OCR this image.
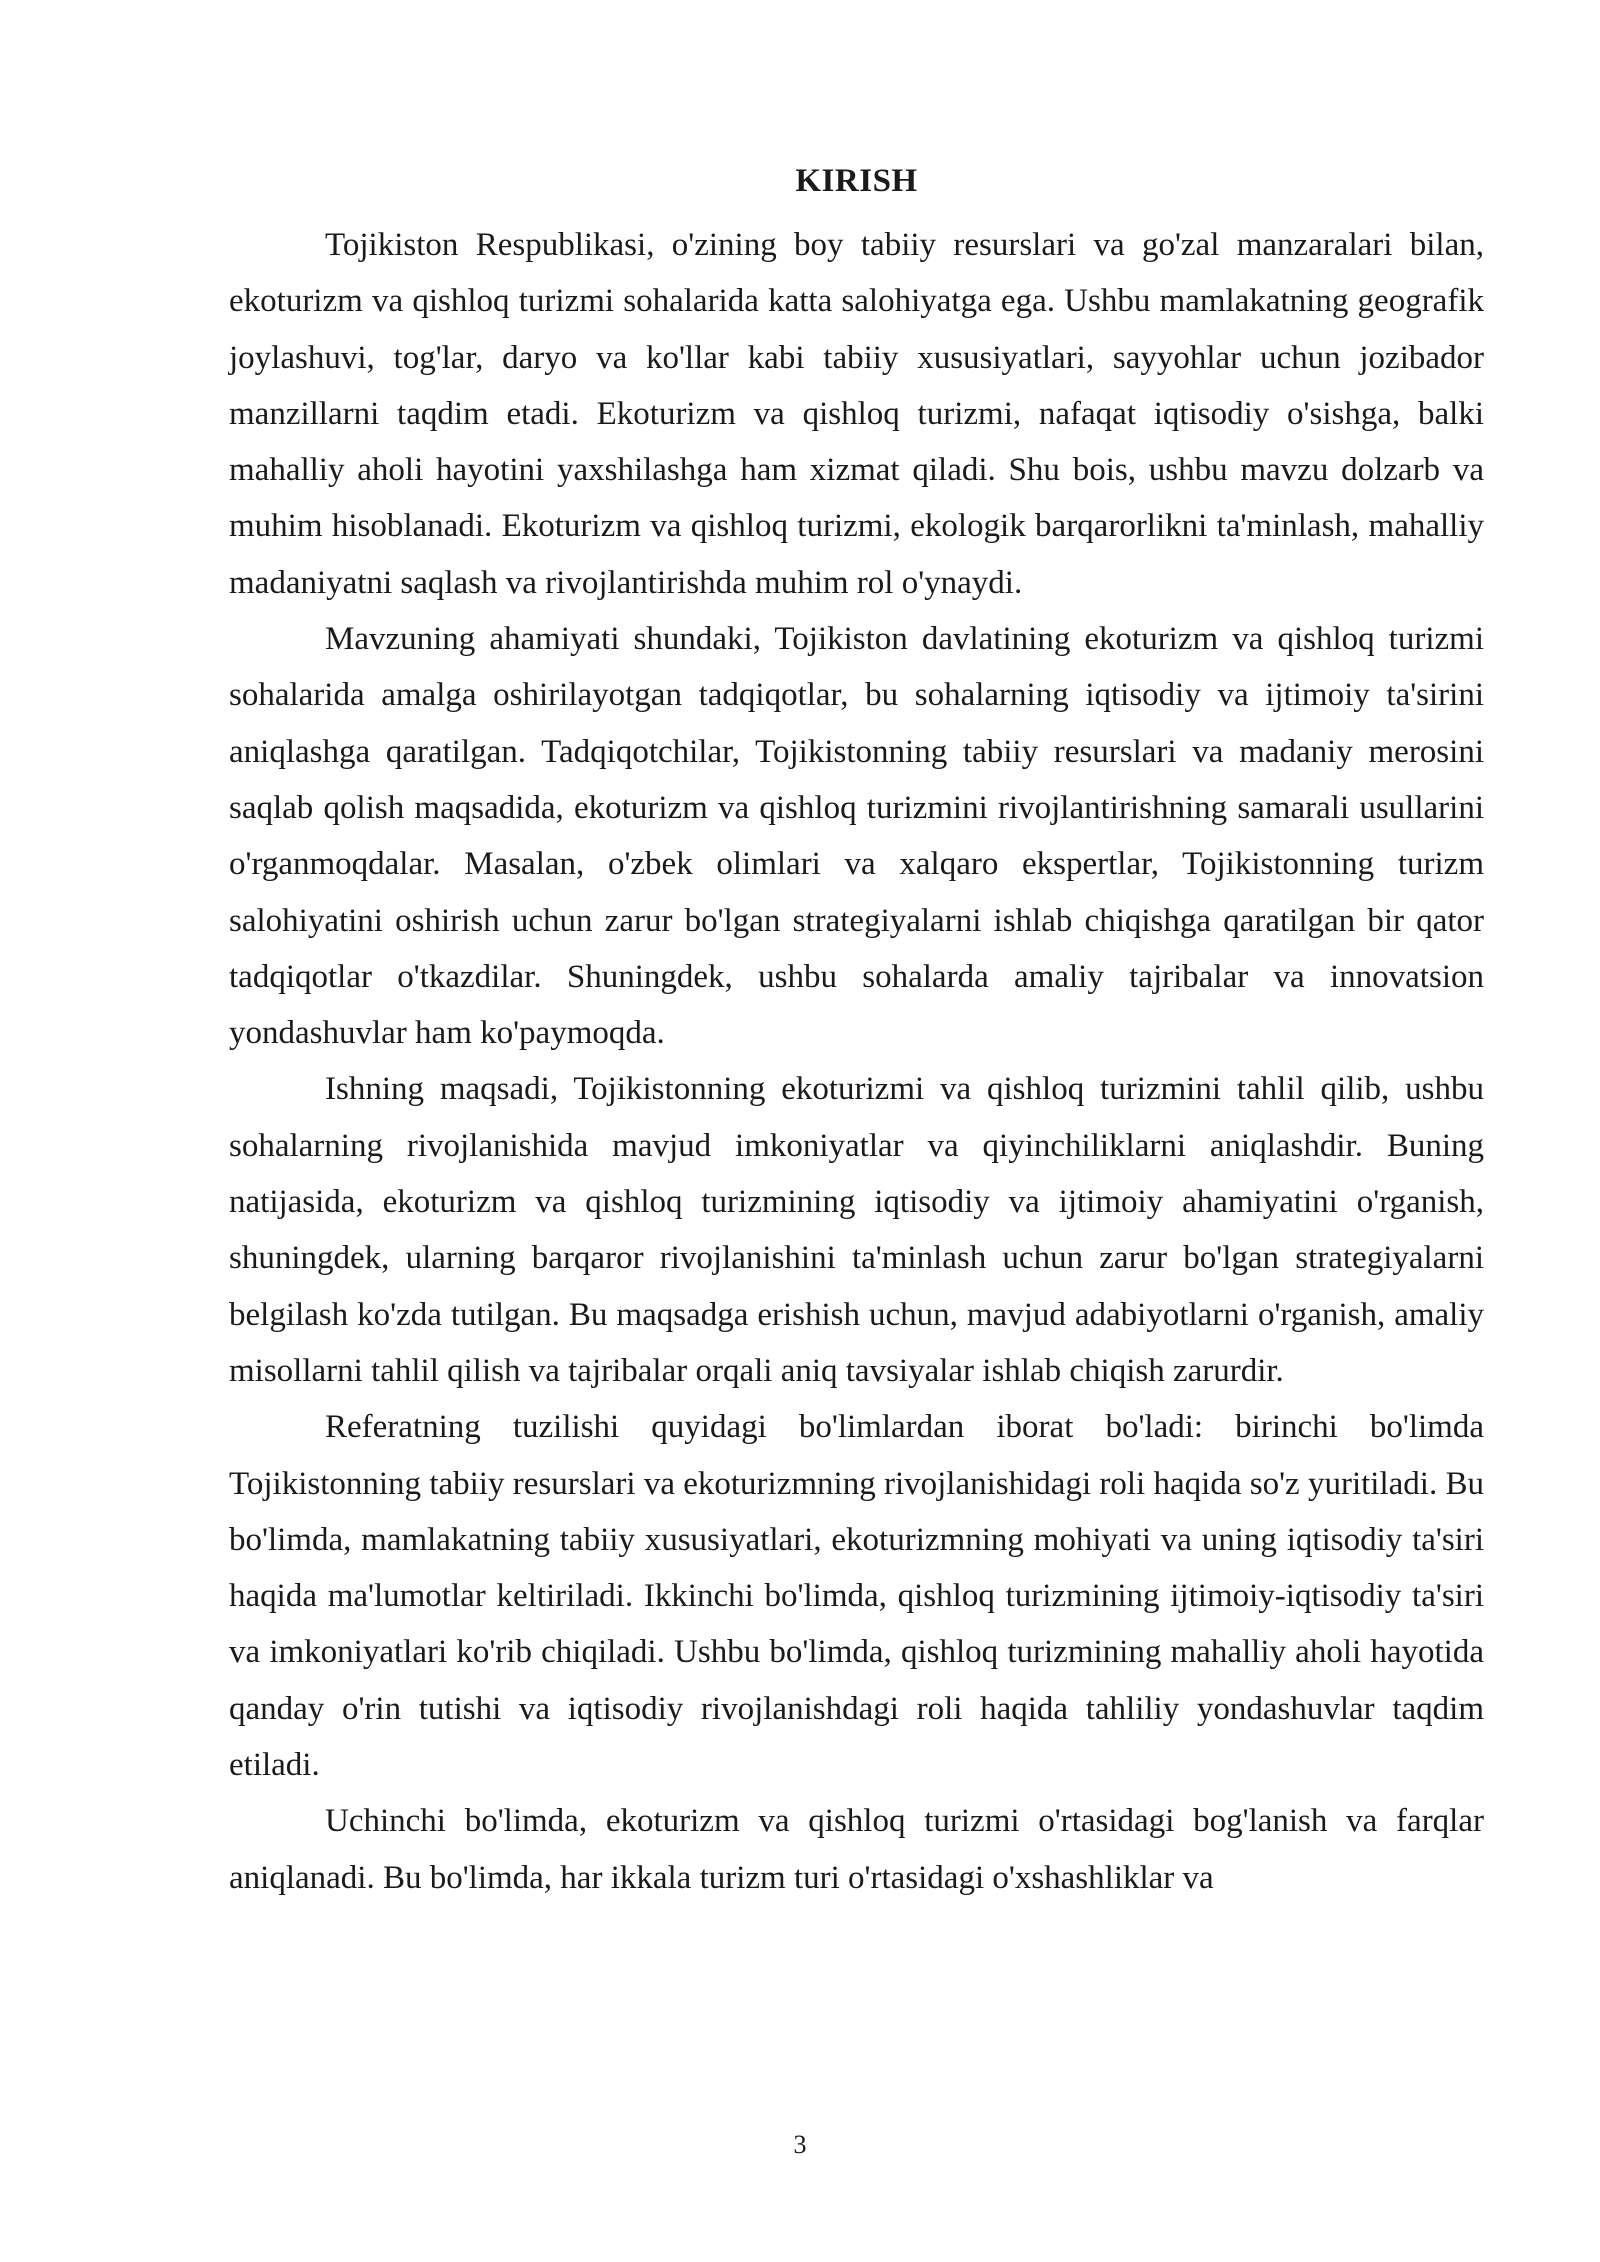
KIRISH

Tojikiston Respublikasi, o'zining boy tabiiy resurslari va go'zal manzaralari bilan, ekoturizm va qishloq turizmi sohalarida katta salohiyatga ega. Ushbu mamlakatning geografik joylashuvi, tog'lar, daryo va ko'llar kabi tabiiy xususiyatlari, sayyohlar uchun jozibador manzillarni taqdim etadi. Ekoturizm va qishloq turizmi, nafaqat iqtisodiy o'sishga, balki mahalliy aholi hayotini yaxshilashga ham xizmat qiladi. Shu bois, ushbu mavzu dolzarb va muhim hisoblanadi. Ekoturizm va qishloq turizmi, ekologik barqarorlikni ta'minlash, mahalliy madaniyatni saqlash va rivojlantirishda muhim rol o'ynaydi.

Mavzuning ahamiyati shundaki, Tojikiston davlatining ekoturizm va qishloq turizmi sohalarida amalga oshirilayotgan tadqiqotlar, bu sohalarning iqtisodiy va ijtimoiy ta'sirini aniqlashga qaratilgan. Tadqiqotchilar, Tojikistonning tabiiy resurslari va madaniy merosini saqlab qolish maqsadida, ekoturizm va qishloq turizmini rivojlantirishning samarali usullarini o'rganmoqdalar. Masalan, o'zbek olimlari va xalqaro ekspertlar, Tojikistonning turizm salohiyatini oshirish uchun zarur bo'lgan strategiyalarni ishlab chiqishga qaratilgan bir qator tadqiqotlar o'tkazdilar. Shuningdek, ushbu sohalarda amaliy tajribalar va innovatsion yondashuvlar ham ko'paymoqda.

Ishning maqsadi, Tojikistonning ekoturizmi va qishloq turizmini tahlil qilib, ushbu sohalarning rivojlanishida mavjud imkoniyatlar va qiyinchiliklarni aniqlashdir. Buning natijasida, ekoturizm va qishloq turizmining iqtisodiy va ijtimoiy ahamiyatini o'rganish, shuningdek, ularning barqaror rivojlanishini ta'minlash uchun zarur bo'lgan strategiyalarni belgilash ko'zda tutilgan. Bu maqsadga erishish uchun, mavjud adabiyotlarni o'rganish, amaliy misollarni tahlil qilish va tajribalar orqali aniq tavsiyalar ishlab chiqish zarurdir.

Referatning tuzilishi quyidagi bo'limlardan iborat bo'ladi: birinchi bo'limda Tojikistonning tabiiy resurslari va ekoturizmning rivojlanishidagi roli haqida so'z yuritiladi. Bu bo'limda, mamlakatning tabiiy xususiyatlari, ekoturizmning mohiyati va uning iqtisodiy ta'siri haqida ma'lumotlar keltiriladi. Ikkinchi bo'limda, qishloq turizmining ijtimoiy-iqtisodiy ta'siri va imkoniyatlari ko'rib chiqiladi. Ushbu bo'limda, qishloq turizmining mahalliy aholi hayotida qanday o'rin tutishi va iqtisodiy rivojlanishdagi roli haqida tahliliy yondashuvlar taqdim etiladi.

Uchinchi bo'limda, ekoturizm va qishloq turizmi o'rtasidagi bog'lanish va farqlar aniqlanadi. Bu bo'limda, har ikkala turizm turi o'rtasidagi o'xshashliklar va

3
